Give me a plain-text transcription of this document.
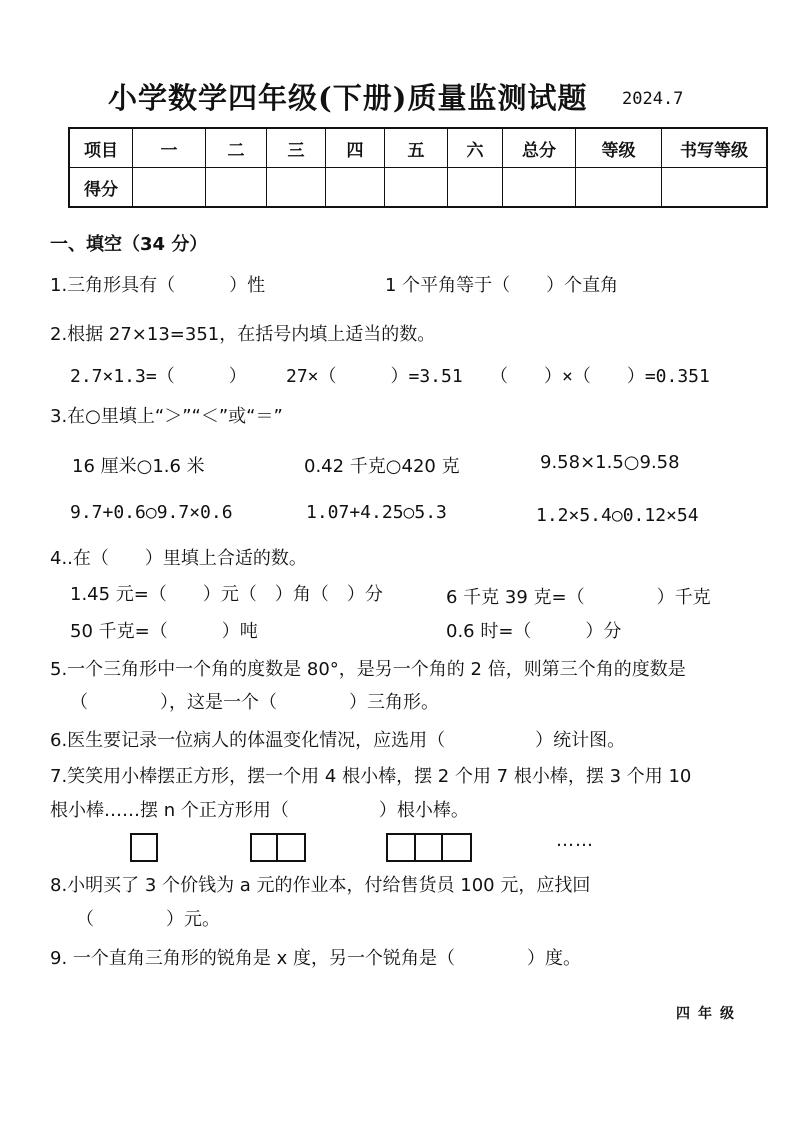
小学数学四年级(下册)质量监测试题 2024.7
项目	一	二	三	四	五	六	总分	等级	书写等级
得分									
一、填空（34 分）
1.三角形具有（　　　）性	1 个平角等于（　　）个直角
2.根据 27×13=351，在括号内填上适当的数。
2.7×1.3=（　　　） 27×（　　　）=3.51 （　　）×（　　）=0.351
3.在○里填上“＞”“＜”或“＝”
16 厘米○1.6 米	0.42 千克○420 克	9.58×1.5○9.58
9.7+0.6○9.7×0.6	1.07+4.25○5.3	1.2×5.4○0.12×54
4..在（　　）里填上合适的数。
1.45 元=（　　）元（　）角（　）分	6 千克 39 克=（　　　　）千克
50 千克=（　　　）吨	0.6 时=（　　　）分
5.一个三角形中一个角的度数是 80°，是另一个角的 2 倍，则第三个角的度数是
（　　　　），这是一个（　　　　）三角形。
6.医生要记录一位病人的体温变化情况，应选用（　　　　　）统计图。
7.笑笑用小棒摆正方形，摆一个用 4 根小棒，摆 2 个用 7 根小棒，摆 3 个用 10
根小棒……摆 n 个正方形用（　　　　　）根小棒。
……
8.小明买了 3 个价钱为 a 元的作业本，付给售货员 100 元，应找回
（　　　　）元。
9. 一个直角三角形的锐角是 x 度，另一个锐角是（　　　　）度。
四年级
